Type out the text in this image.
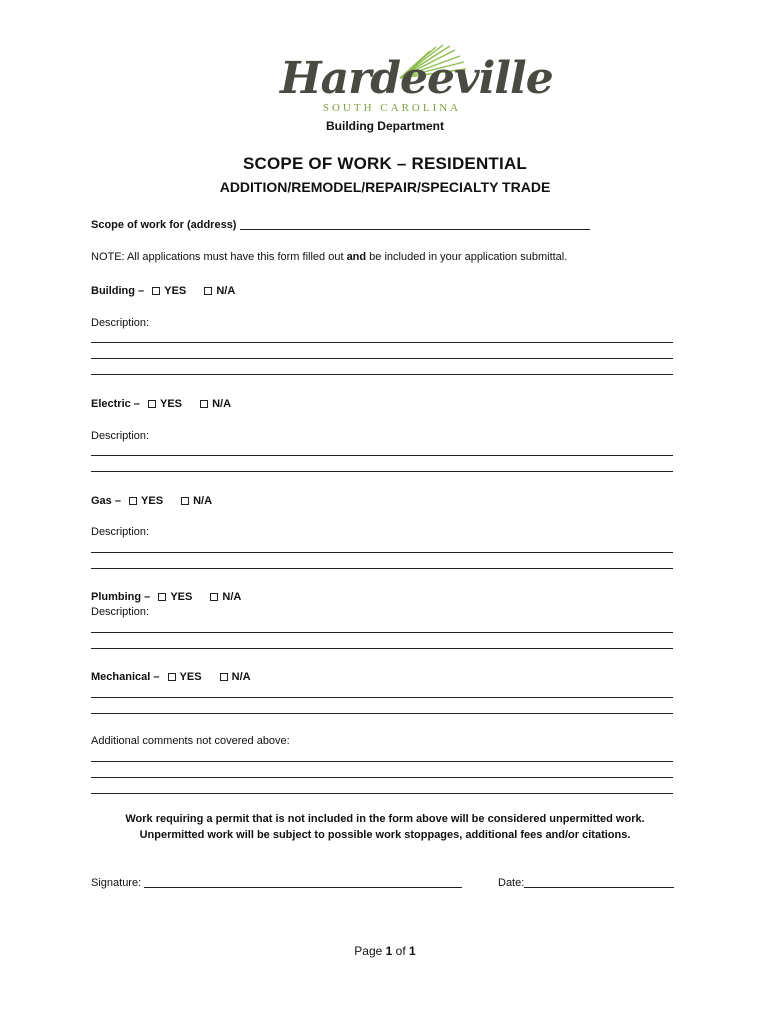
Hardeeville
SOUTH CAROLINA
Building Department
SCOPE OF WORK – RESIDENTIAL
ADDITION/REMODEL/REPAIR/SPECIALTY TRADE
Scope of work for (address)
NOTE: All applications must have this form filled out and be included in your application submittal.
Building – YES	N/A
Description:
Electric – YES	N/A
Description:
Gas – YES	N/A
Description:
Plumbing – YES	N/A
Description:
Mechanical – YES	N/A
Additional comments not covered above:
Work requiring a permit that is not included in the form above will be considered unpermitted work.
Unpermitted work will be subject to possible work stoppages, additional fees and/or citations.
Signature:	Date:
Page 1 of 1
